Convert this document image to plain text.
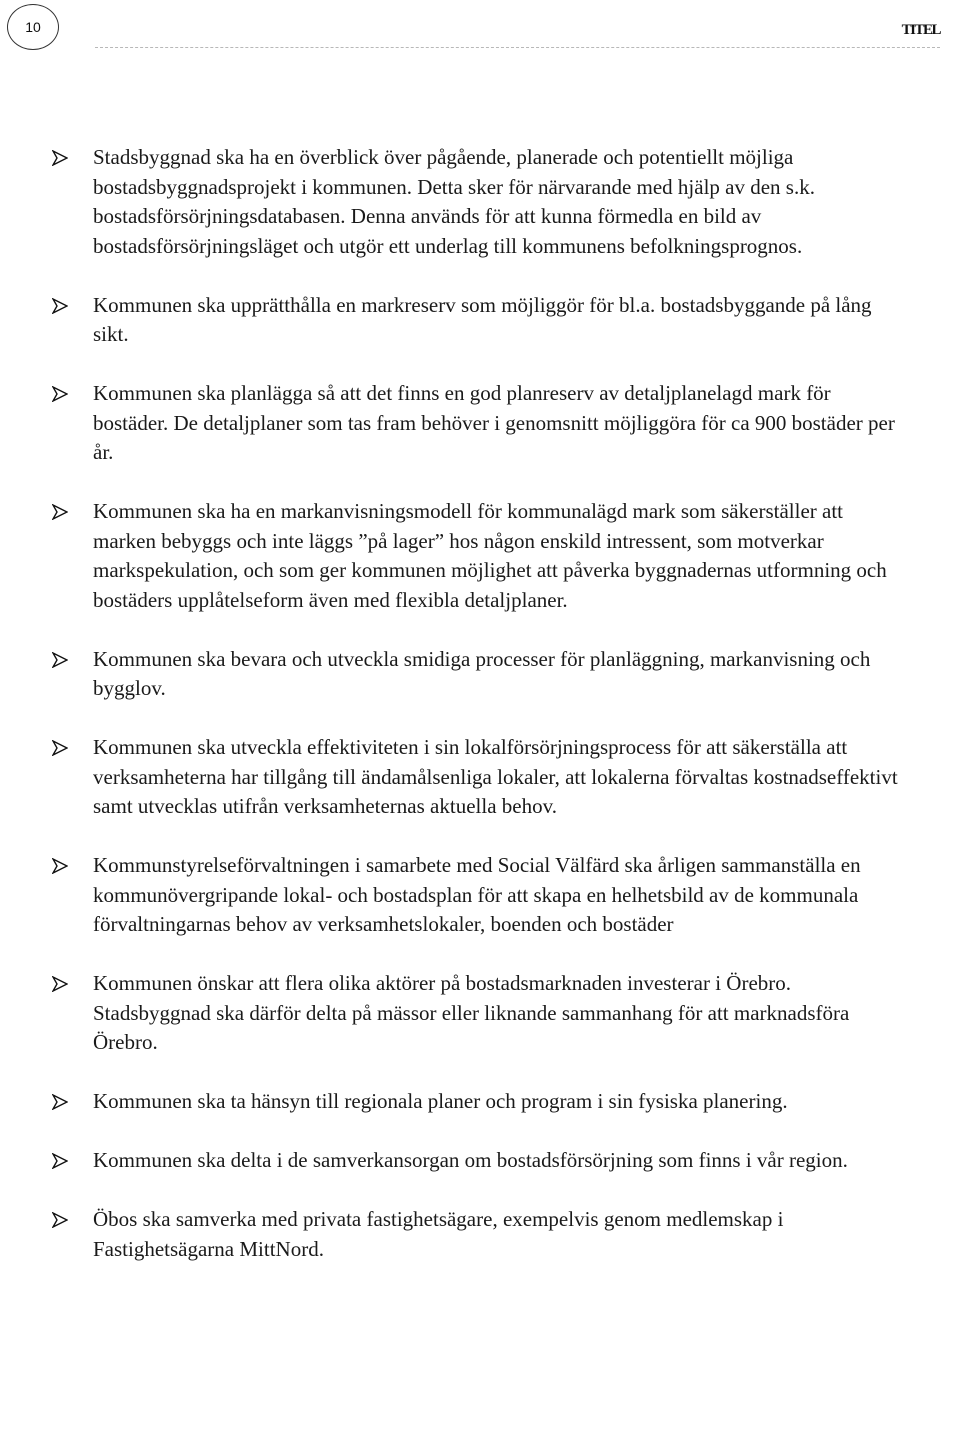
10	TITEL
Stadsbyggnad ska ha en överblick över pågående, planerade och potentiellt möjliga bostadsbyggnadsprojekt i kommunen. Detta sker för närvarande med hjälp av den s.k. bostadsförsörjningsdatabasen. Denna används för att kunna förmedla en bild av bostadsförsörjningsläget och utgör ett underlag till kommunens befolkningsprognos.
Kommunen ska upprätthålla en markreserv som möjliggör för bl.a. bostadsbyggande på lång sikt.
Kommunen ska planlägga så att det finns en god planreserv av detaljplanelagd mark för bostäder. De detaljplaner som tas fram behöver i genomsnitt möjliggöra för ca 900 bostäder per år.
Kommunen ska ha en markanvisningsmodell för kommunalägd mark som säkerställer att marken bebyggs och inte läggs ”på lager” hos någon enskild intressent, som motverkar markspekulation, och som ger kommunen möjlighet att påverka byggnadernas utformning och bostäders upplåtelseform även med flexibla detaljplaner.
Kommunen ska bevara och utveckla smidiga processer för planläggning, markanvisning och bygglov.
Kommunen ska utveckla effektiviteten i sin lokalförsörjningsprocess för att säkerställa att verksamheterna har tillgång till ändamålsenliga lokaler, att lokalerna förvaltas kostnadseffektivt samt utvecklas utifrån verksamheternas aktuella behov.
Kommunstyrelseförvaltningen i samarbete med Social Välfärd ska årligen sammanställa en kommunövergripande lokal- och bostadsplan för att skapa en helhetsbild av de kommunala förvaltningarnas behov av verksamhetslokaler, boenden och bostäder
Kommunen önskar att flera olika aktörer på bostadsmarknaden investerar i Örebro. Stadsbyggnad ska därför delta på mässor eller liknande sammanhang för att marknadsföra Örebro.
Kommunen ska ta hänsyn till regionala planer och program i sin fysiska planering.
Kommunen ska delta i de samverkansorgan om bostadsförsörjning som finns i vår region.
Öbos ska samverka med privata fastighetsägare, exempelvis genom medlemskap i Fastighetsägarna MittNord.
